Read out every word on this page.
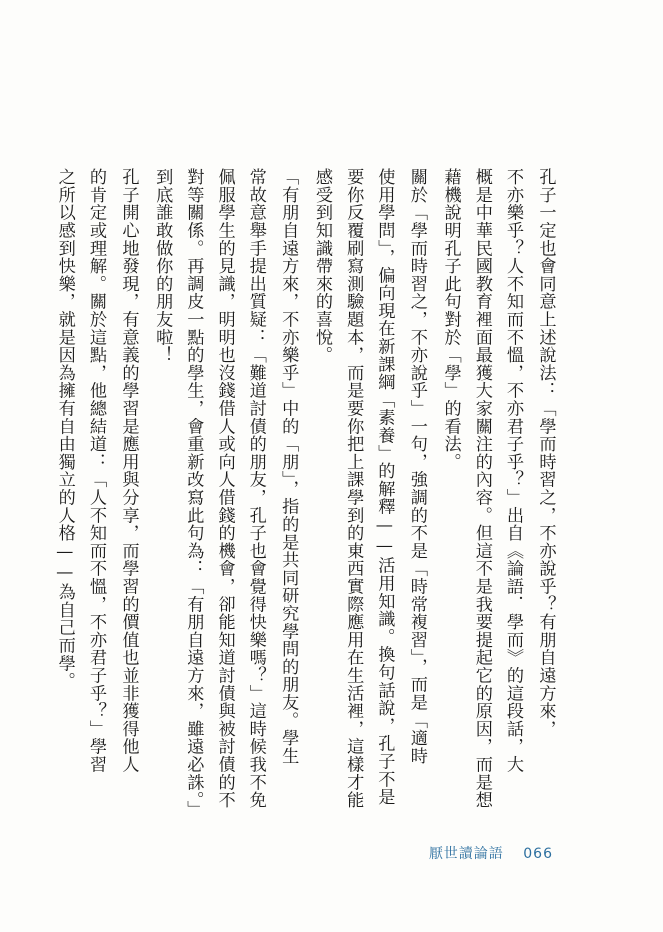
孔子一定也會同意上述說法：「學而時習之，不亦說乎？有朋自遠方來，
不亦樂乎？人不知而不慍，不亦君子乎？」出自《論語．學而》的這段話，大
概是中華民國教育裡面最獲大家關注的內容。但這不是我要提起它的原因，而是想
藉機說明孔子此句對於「學」的看法。
關於「學而時習之，不亦說乎」一句，強調的不是「時常複習」，而是「適時
使用學問」，偏向現在新課綱「素養」的解釋——活用知識。換句話說，孔子不是
要你反覆刷寫測驗題本，而是要你把上課學到的東西實際應用在生活裡，這樣才能
感受到知識帶來的喜悅。
「有朋自遠方來，不亦樂乎」中的「朋」，指的是共同研究學問的朋友。學生
常故意舉手提出質疑：「難道討債的朋友，孔子也會覺得快樂嗎？」這時候我不免
佩服學生的見識，明明也沒錢借人或向人借錢的機會，卻能知道討債與被討債的不
對等關係。再調皮一點的學生，會重新改寫此句為：「有朋自遠方來，雖遠必誅。」
到底誰敢做你的朋友啦！
孔子開心地發現，有意義的學習是應用與分享，而學習的價值也並非獲得他人
的肯定或理解。關於這點，他總結道：「人不知而不慍，不亦君子乎？」學習
之所以感到快樂，就是因為擁有自由獨立的人格——為自己而學。
厭世讀論語 066
